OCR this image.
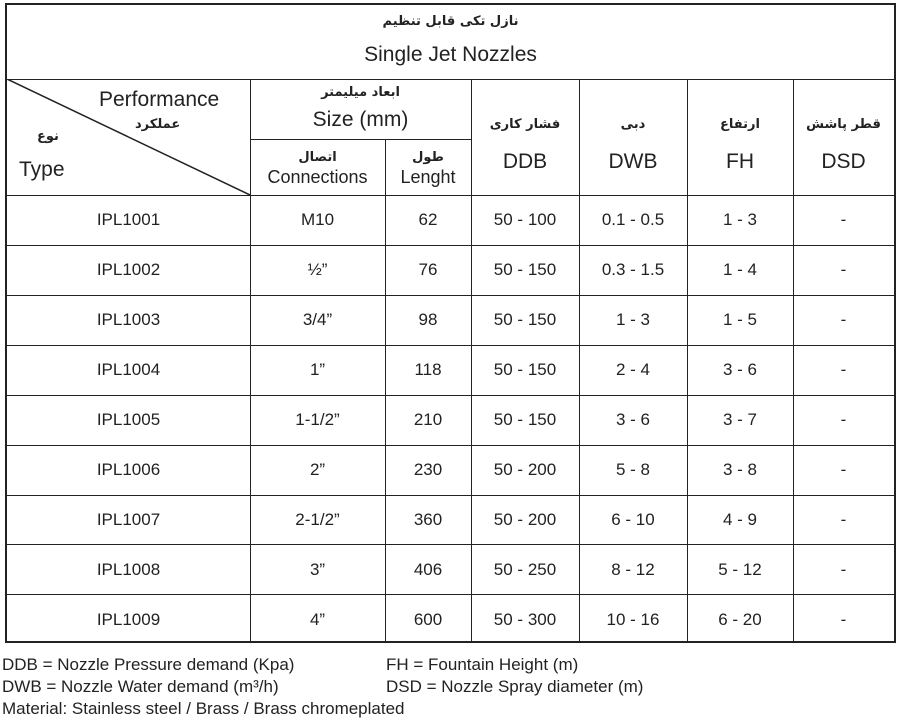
نازل تکی قابل تنظیم
Single Jet Nozzles
Performance
عملکرد
نوع
Type
ابعاد میلیمتر
Size (mm)
اتصال
Connections
طول
Lenght
فشار کاری
DDB
دبی
DWB
ارتفاع
FH
قطر پاشش
DSD
IPL1001	M10	62	50 - 100	0.1 - 0.5	1 - 3	-
IPL1002	½”	76	50 - 150	0.3 - 1.5	1 - 4	-
IPL1003	3/4”	98	50 - 150	1 - 3	1 - 5	-
IPL1004	1”	118	50 - 150	2 - 4	3 - 6	-
IPL1005	1-1/2”	210	50 - 150	3 - 6	3 - 7	-
IPL1006	2”	230	50 - 200	5 - 8	3 - 8	-
IPL1007	2-1/2”	360	50 - 200	6 - 10	4 - 9	-
IPL1008	3”	406	50 - 250	8 - 12	5 - 12	-
IPL1009	4”	600	50 - 300	10 - 16	6 - 20	-
DDB = Nozzle Pressure demand (Kpa)	FH = Fountain Height (m)
DWB = Nozzle Water demand (m³/h)	DSD = Nozzle Spray diameter (m)
Material: Stainless steel / Brass / Brass chromeplated
